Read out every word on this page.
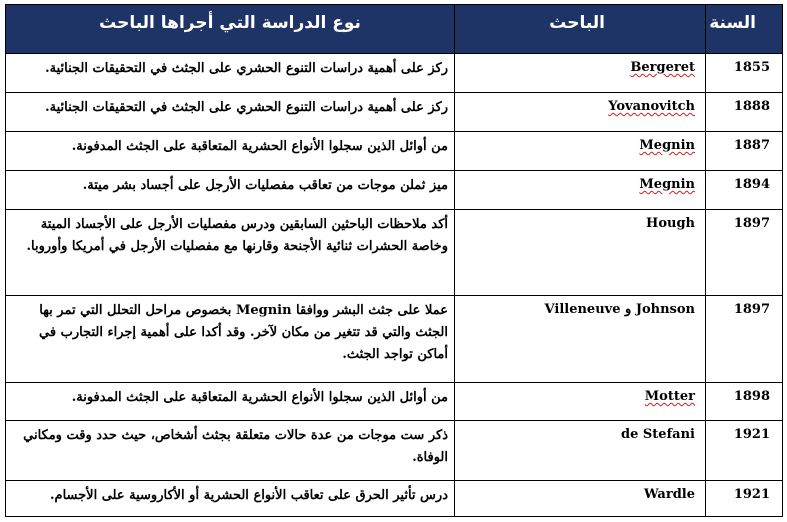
السنة	الباحث	نوع الدراسة التي أجراها الباحث
1855	Bergeret	ركز على أهمية دراسات التنوع الحشري على الجثث في التحقيقات الجنائية.
1888	Yovanovitch	ركز على أهمية دراسات التنوع الحشري على الجثث في التحقيقات الجنائية.
1887	Megnin	من أوائل الذين سجلوا الأنواع الحشرية المتعاقبة على الجثث المدفونة.
1894	Megnin	ميز ثملن موجات من تعاقب مفصليات الأرجل على أجساد بشر ميتة.
1897	Hough	أكد ملاحظات الباحثين السابقين ودرس مفصليات الأرجل على الأجساد الميتة وخاصة الحشرات ثنائية الأجنحة وقارنها مع مفصليات الأرجل في أمريكا وأوروبا.
1897	Villeneuve و Johnson	عملا على جثث البشر ووافقا Megnin بخصوص مراحل التحلل التي تمر بها الجثث والتي قد تتغير من مكان لآخر. وقد أكدا على أهمية إجراء التجارب في أماكن تواجد الجثث.
1898	Motter	من أوائل الذين سجلوا الأنواع الحشرية المتعاقبة على الجثث المدفونة.
1921	de Stefani	ذكر ست موجات من عدة حالات متعلقة بجثث أشخاص، حيث حدد وقت ومكاني الوفاة.
1921	Wardle	درس تأثير الحرق على تعاقب الأنواع الحشرية أو الأكاروسية على الأجسام.
